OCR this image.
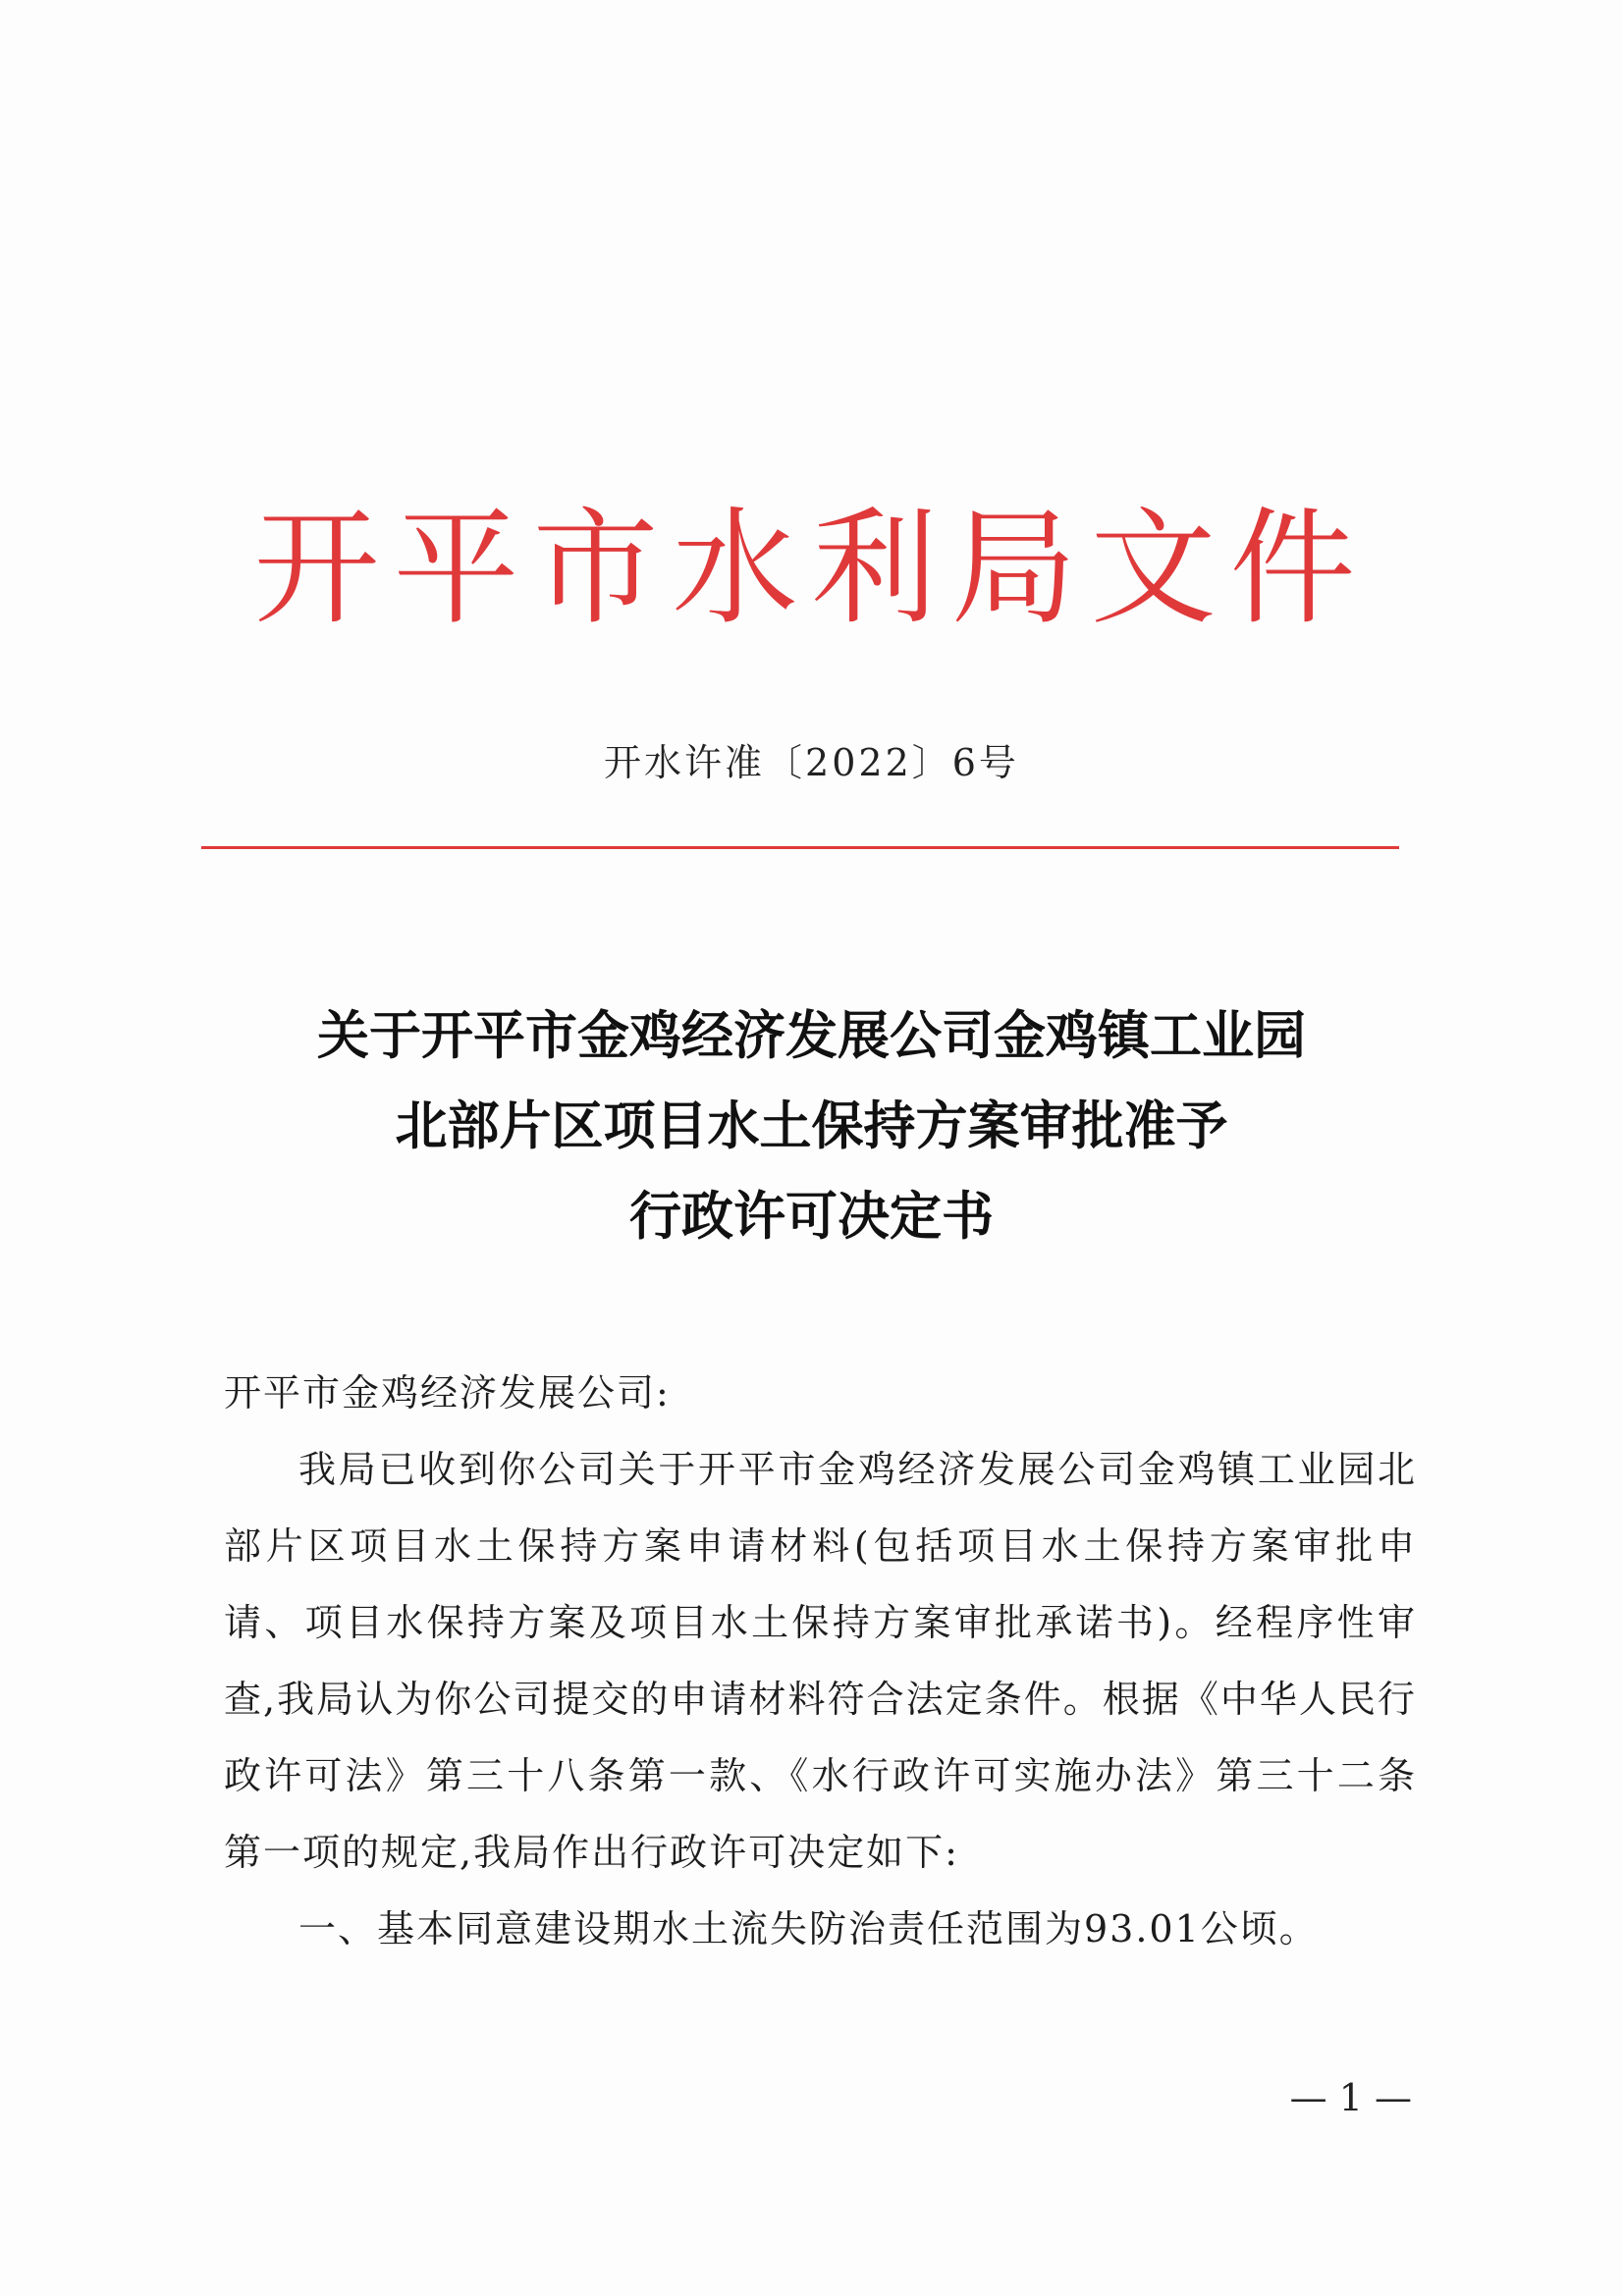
开平市水利局文件
开水许准〔2022〕6号
关于开平市金鸡经济发展公司金鸡镇工业园
北部片区项目水土保持方案审批准予
行政许可决定书

开平市金鸡经济发展公司:

我局已收到你公司关于开平市金鸡经济发展公司金鸡镇工业园北部片区项目水土保持方案申请材料(包括项目水土保持方案审批申请、项目水保持方案及项目水土保持方案审批承诺书)。经程序性审查,我局认为你公司提交的申请材料符合法定条件。根据《中华人民行政许可法》第三十八条第一款、《水行政许可实施办法》第三十二条第一项的规定,我局作出行政许可决定如下:

一、基本同意建设期水土流失防治责任范围为93.01公顷。

— 1 —
